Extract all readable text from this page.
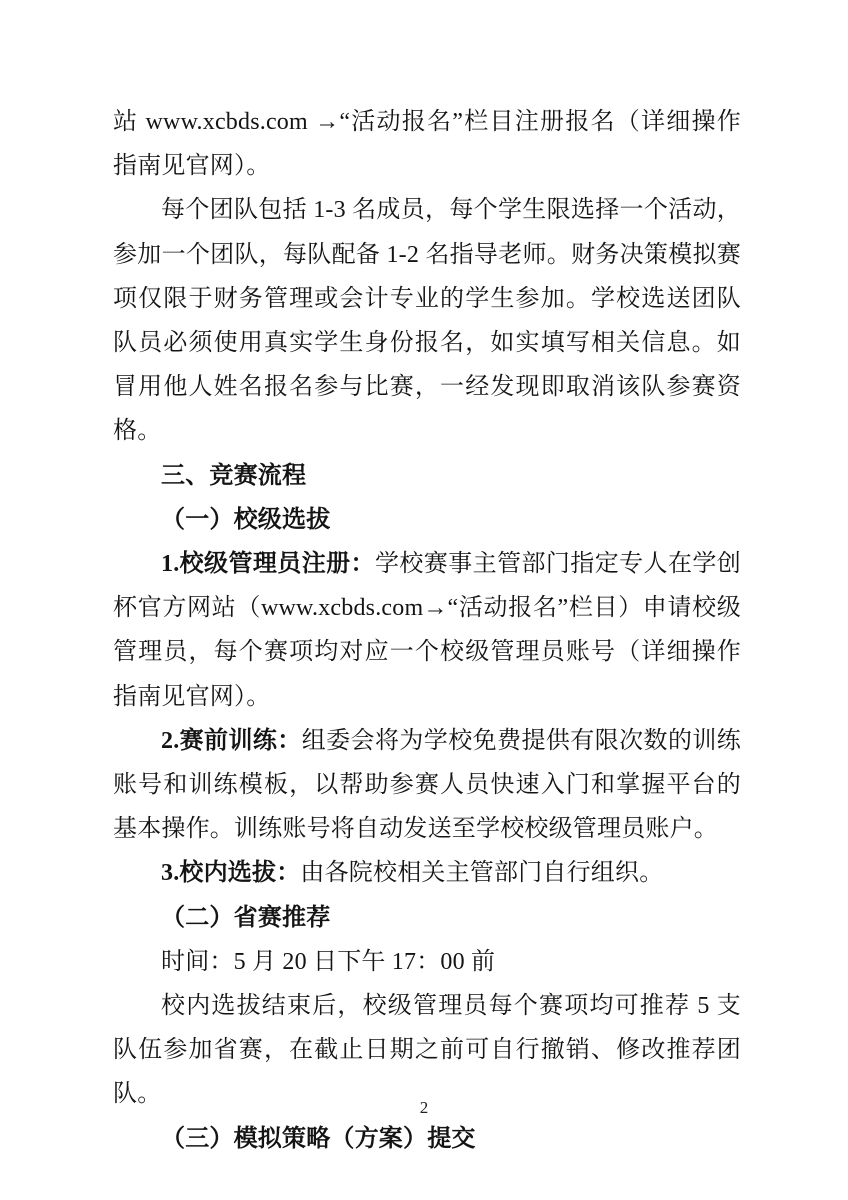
站 www.xcbds.com →“活动报名”栏目注册报名（详细操作指南见官网）。

每个团队包括 1-3 名成员，每个学生限选择一个活动，参加一个团队，每队配备 1-2 名指导老师。财务决策模拟赛项仅限于财务管理或会计专业的学生参加。学校选送团队队员必须使用真实学生身份报名，如实填写相关信息。如冒用他人姓名报名参与比赛，一经发现即取消该队参赛资格。

三、竞赛流程

（一）校级选拔

1.校级管理员注册：学校赛事主管部门指定专人在学创杯官方网站（www.xcbds.com→“活动报名”栏目）申请校级管理员，每个赛项均对应一个校级管理员账号（详细操作指南见官网）。

2.赛前训练：组委会将为学校免费提供有限次数的训练账号和训练模板，以帮助参赛人员快速入门和掌握平台的基本操作。训练账号将自动发送至学校校级管理员账户。

3.校内选拔：由各院校相关主管部门自行组织。

（二）省赛推荐

时间：5 月 20 日下午 17：00 前

校内选拔结束后，校级管理员每个赛项均可推荐 5 支队伍参加省赛，在截止日期之前可自行撤销、修改推荐团队。

（三）模拟策略（方案）提交

2
